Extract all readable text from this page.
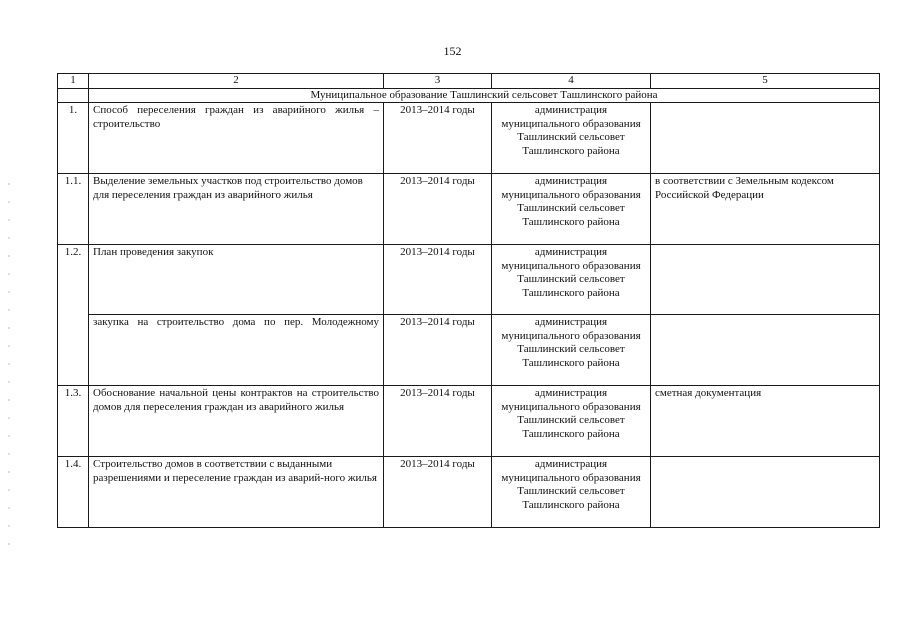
152
1	2	3	4	5
	Муниципальное образование Ташлинский сельсовет Ташлинского района			
1.	Способ переселения граждан из аварийного жилья – строительство	2013–2014 годы	администрация муниципального образования Ташлинский сельсовет Ташлинского района	
1.1.	Выделение земельных участков под строительство домов для переселения граждан из аварийного жилья	2013–2014 годы	администрация муниципального образования Ташлинский сельсовет Ташлинского района	в соответствии с Земельным кодексом Российской Федерации
1.2.	План проведения закупок	2013–2014 годы	администрация муниципального образования Ташлинский сельсовет Ташлинского района	
	закупка на строительство дома по пер. Молодежному	2013–2014 годы	администрация муниципального образования Ташлинский сельсовет Ташлинского района	
1.3.	Обоснование начальной цены контрактов на строительство домов для переселения граждан из аварийного жилья	2013–2014 годы	администрация муниципального образования Ташлинский сельсовет Ташлинского района	сметная документация
1.4.	Строительство домов в соответствии с выданными разрешениями и переселение граждан из аварий-ного жилья	2013–2014 годы	администрация муниципального образования Ташлинский сельсовет Ташлинского района	
